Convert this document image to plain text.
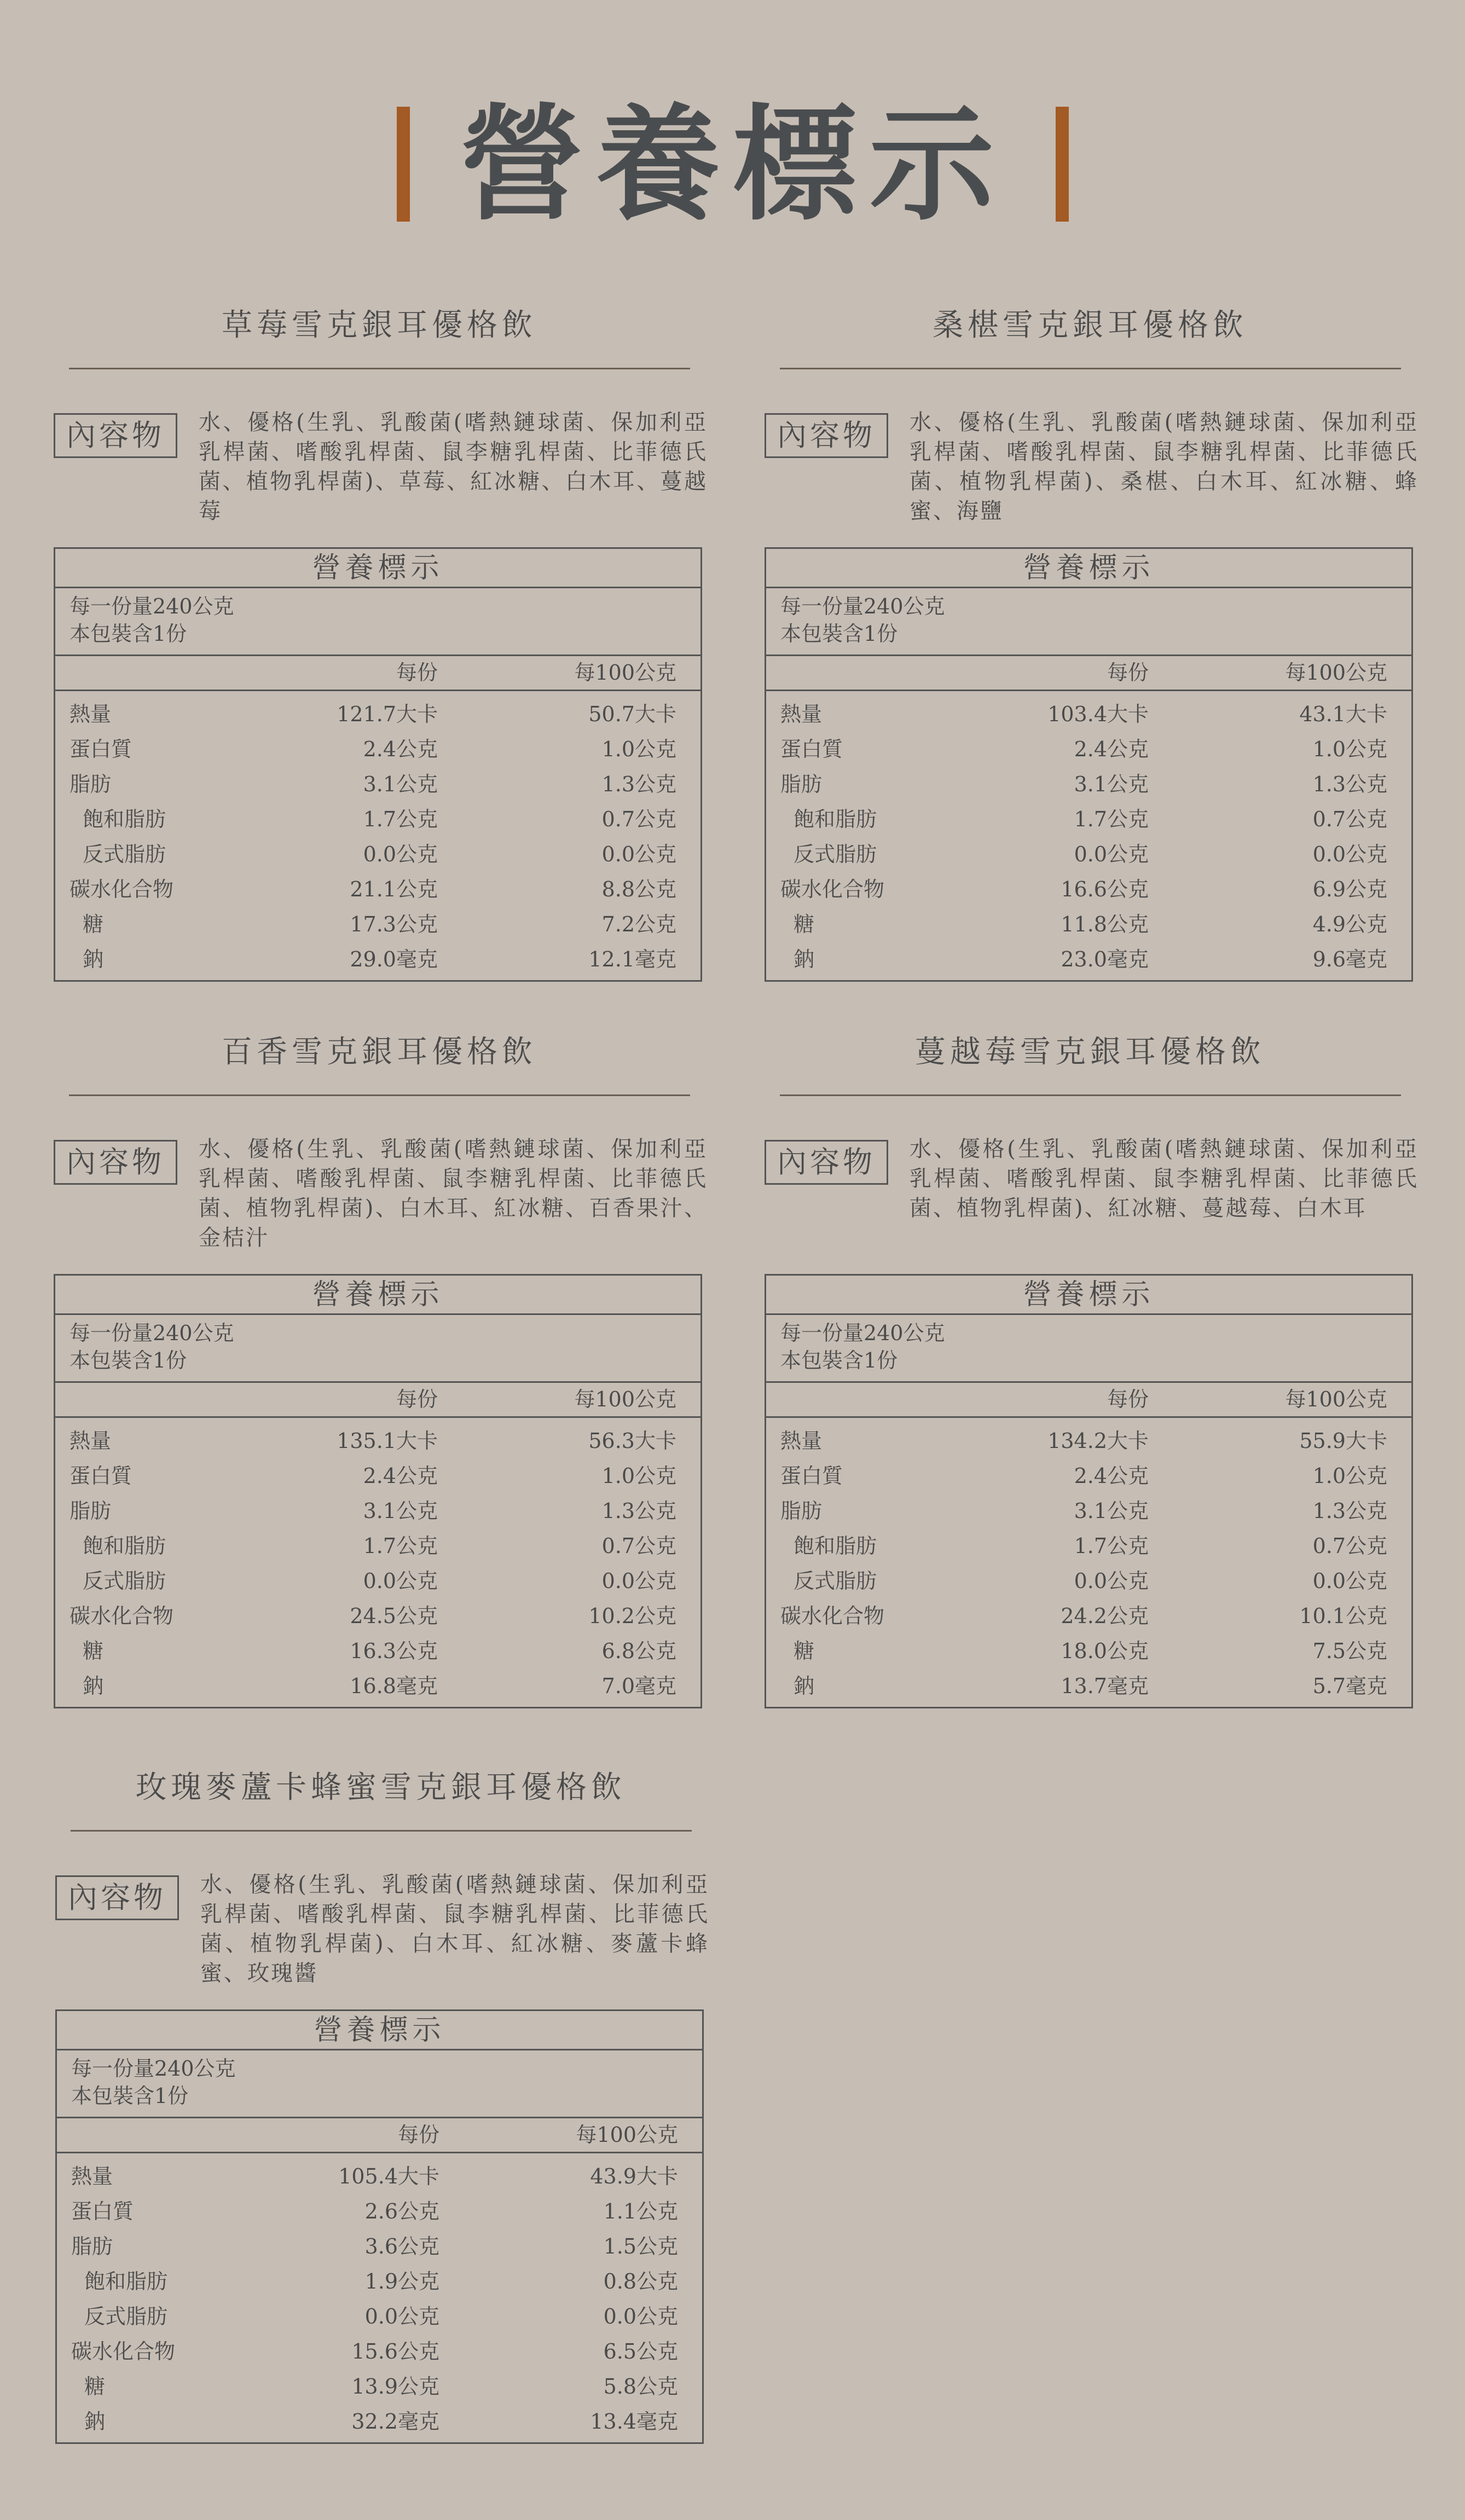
營養標示
草莓雪克銀耳優格飲
內容物	水、優格(生乳、乳酸菌(嗜熱鏈球菌、保加利亞乳桿菌、嗜酸乳桿菌、鼠李糖乳桿菌、比菲德氏菌、植物乳桿菌)、草莓、紅冰糖、白木耳、蔓越莓
營養標示
每一份量240公克
本包裝含1份
每份	每100公克
熱量	121.7大卡	50.7大卡
蛋白質	2.4公克	1.0公克
脂肪	3.1公克	1.3公克
飽和脂肪	1.7公克	0.7公克
反式脂肪	0.0公克	0.0公克
碳水化合物	21.1公克	8.8公克
糖	17.3公克	7.2公克
鈉	29.0毫克	12.1毫克
桑椹雪克銀耳優格飲
內容物	水、優格(生乳、乳酸菌(嗜熱鏈球菌、保加利亞乳桿菌、嗜酸乳桿菌、鼠李糖乳桿菌、比菲德氏菌、植物乳桿菌)、桑椹、白木耳、紅冰糖、蜂蜜、海鹽
營養標示
每一份量240公克
本包裝含1份
每份	每100公克
熱量	103.4大卡	43.1大卡
蛋白質	2.4公克	1.0公克
脂肪	3.1公克	1.3公克
飽和脂肪	1.7公克	0.7公克
反式脂肪	0.0公克	0.0公克
碳水化合物	16.6公克	6.9公克
糖	11.8公克	4.9公克
鈉	23.0毫克	9.6毫克
百香雪克銀耳優格飲
內容物	水、優格(生乳、乳酸菌(嗜熱鏈球菌、保加利亞乳桿菌、嗜酸乳桿菌、鼠李糖乳桿菌、比菲德氏菌、植物乳桿菌)、白木耳、紅冰糖、百香果汁、金桔汁
營養標示
每一份量240公克
本包裝含1份
每份	每100公克
熱量	135.1大卡	56.3大卡
蛋白質	2.4公克	1.0公克
脂肪	3.1公克	1.3公克
飽和脂肪	1.7公克	0.7公克
反式脂肪	0.0公克	0.0公克
碳水化合物	24.5公克	10.2公克
糖	16.3公克	6.8公克
鈉	16.8毫克	7.0毫克
蔓越莓雪克銀耳優格飲
內容物	水、優格(生乳、乳酸菌(嗜熱鏈球菌、保加利亞乳桿菌、嗜酸乳桿菌、鼠李糖乳桿菌、比菲德氏菌、植物乳桿菌)、紅冰糖、蔓越莓、白木耳
營養標示
每一份量240公克
本包裝含1份
每份	每100公克
熱量	134.2大卡	55.9大卡
蛋白質	2.4公克	1.0公克
脂肪	3.1公克	1.3公克
飽和脂肪	1.7公克	0.7公克
反式脂肪	0.0公克	0.0公克
碳水化合物	24.2公克	10.1公克
糖	18.0公克	7.5公克
鈉	13.7毫克	5.7毫克
玫瑰麥蘆卡蜂蜜雪克銀耳優格飲
內容物	水、優格(生乳、乳酸菌(嗜熱鏈球菌、保加利亞乳桿菌、嗜酸乳桿菌、鼠李糖乳桿菌、比菲德氏菌、植物乳桿菌)、白木耳、紅冰糖、麥蘆卡蜂蜜、玫瑰醬
營養標示
每一份量240公克
本包裝含1份
每份	每100公克
熱量	105.4大卡	43.9大卡
蛋白質	2.6公克	1.1公克
脂肪	3.6公克	1.5公克
飽和脂肪	1.9公克	0.8公克
反式脂肪	0.0公克	0.0公克
碳水化合物	15.6公克	6.5公克
糖	13.9公克	5.8公克
鈉	32.2毫克	13.4毫克
